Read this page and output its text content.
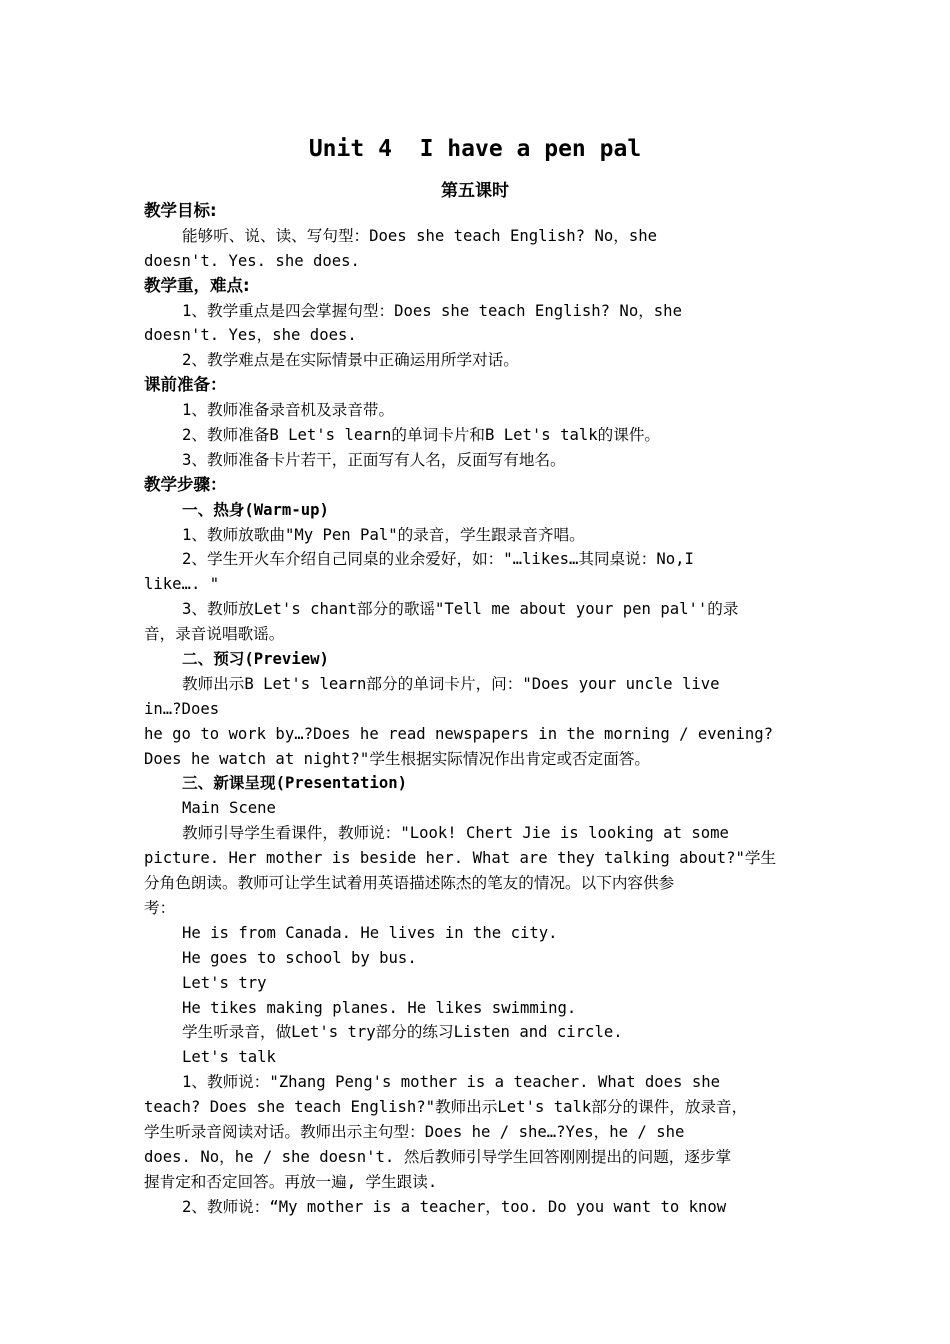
Unit 4  I have a pen pal
第五课时
教学目标:
能够听、说、读、写句型：Does she teach English? No，she
doesn't. Yes. she does.
教学重，难点:
1、教学重点是四会掌握句型：Does she teach English? No，she
doesn't. Yes，she does.
2、教学难点是在实际情景中正确运用所学对话。
课前准备：
1、教师准备录音机及录音带。
2、教师准备B Let's learn的单词卡片和B Let's talk的课件。
3、教师准备卡片若干，正面写有人名，反面写有地名。
教学步骤：
一、热身(Warm-up)
1、教师放歌曲"My Pen Pal"的录音，学生跟录音齐唱。
2、学生开火车介绍自己同桌的业余爱好，如："…likes…其同桌说：No,I
like…. "
3、教师放Let's chant部分的歌谣"Tell me about your pen pal''的录
音，录音说唱歌谣。
二、预习(Preview)
教师出示B Let's learn部分的单词卡片，问："Does your uncle live
in…?Does
he go to work by…?Does he read newspapers in the morning / evening?
Does he watch at night?"学生根据实际情况作出肯定或否定面答。
三、新课呈现(Presentation)
Main Scene
教师引导学生看课件，教师说："Look! Chert Jie is looking at some
picture. Her mother is beside her. What are they talking about?"学生
分角色朗读。教师可让学生试着用英语描述陈杰的笔友的情况。以下内容供参
考：
He is from Canada. He lives in the city.
He goes to school by bus.
Let's try
He tikes making planes. He likes swimming.
学生听录音，做Let's try部分的练习Listen and circle.
Let's talk
1、教师说："Zhang Peng's mother is a teacher. What does she
teach? Does she teach English?"教师出示Let's talk部分的课件，放录音，
学生听录音阅读对话。教师出示主句型：Does he / she…?Yes，he / she
does. No，he / she doesn't. 然后教师引导学生回答刚刚提出的问题，逐步掌
握肯定和否定回答。再放一遍, 学生跟读.
2、教师说：“My mother is a teacher，too. Do you want to know
